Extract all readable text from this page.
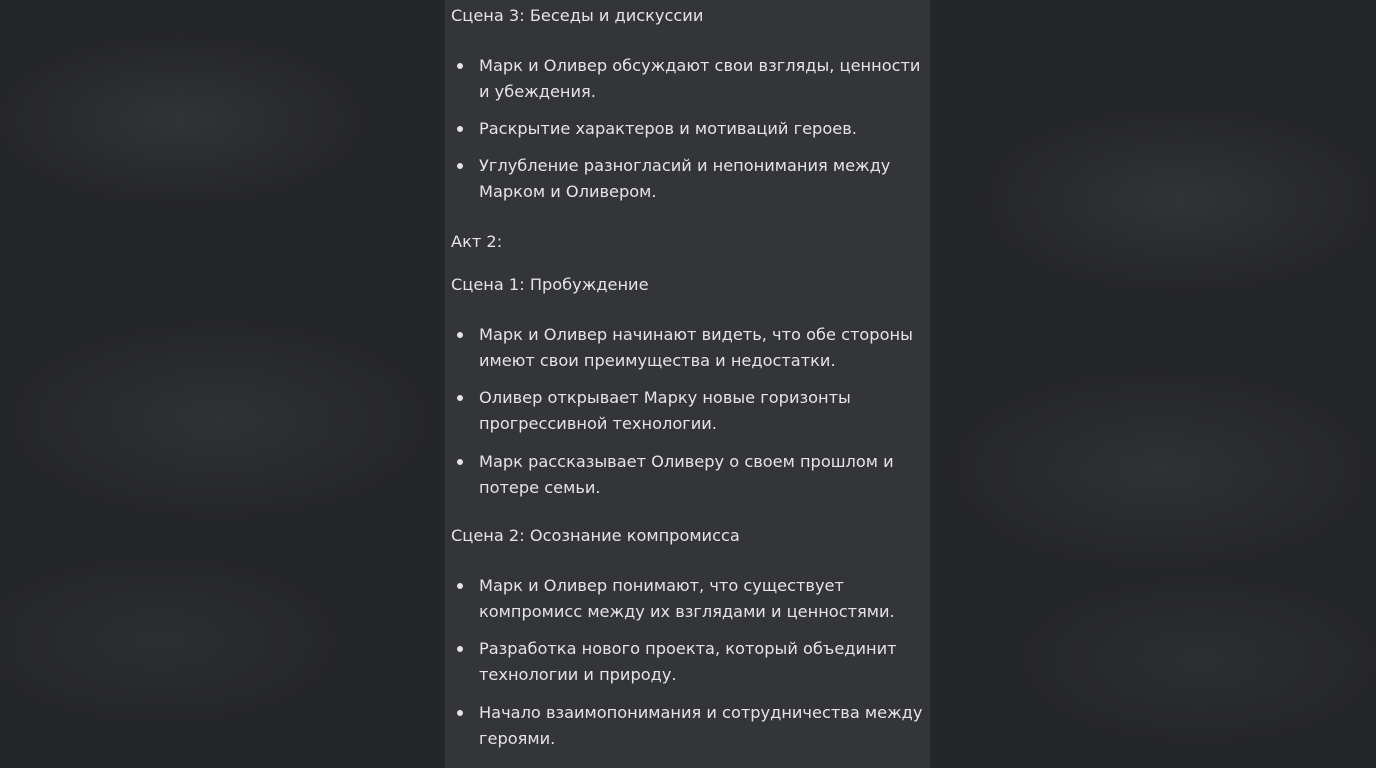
Сцена 3: Беседы и дискуссии
Марк и Оливер обсуждают свои взгляды, ценности и убеждения.
Раскрытие характеров и мотиваций героев.
Углубление разногласий и непонимания между Марком и Оливером.
Акт 2:
Сцена 1: Пробуждение
Марк и Оливер начинают видеть, что обе стороны имеют свои преимущества и недостатки.
Оливер открывает Марку новые горизонты прогрессивной технологии.
Марк рассказывает Оливеру о своем прошлом и потере семьи.
Сцена 2: Осознание компромисса
Марк и Оливер понимают, что существует компромисс между их взглядами и ценностями.
Разработка нового проекта, который объединит технологии и природу.
Начало взаимопонимания и сотрудничества между героями.
